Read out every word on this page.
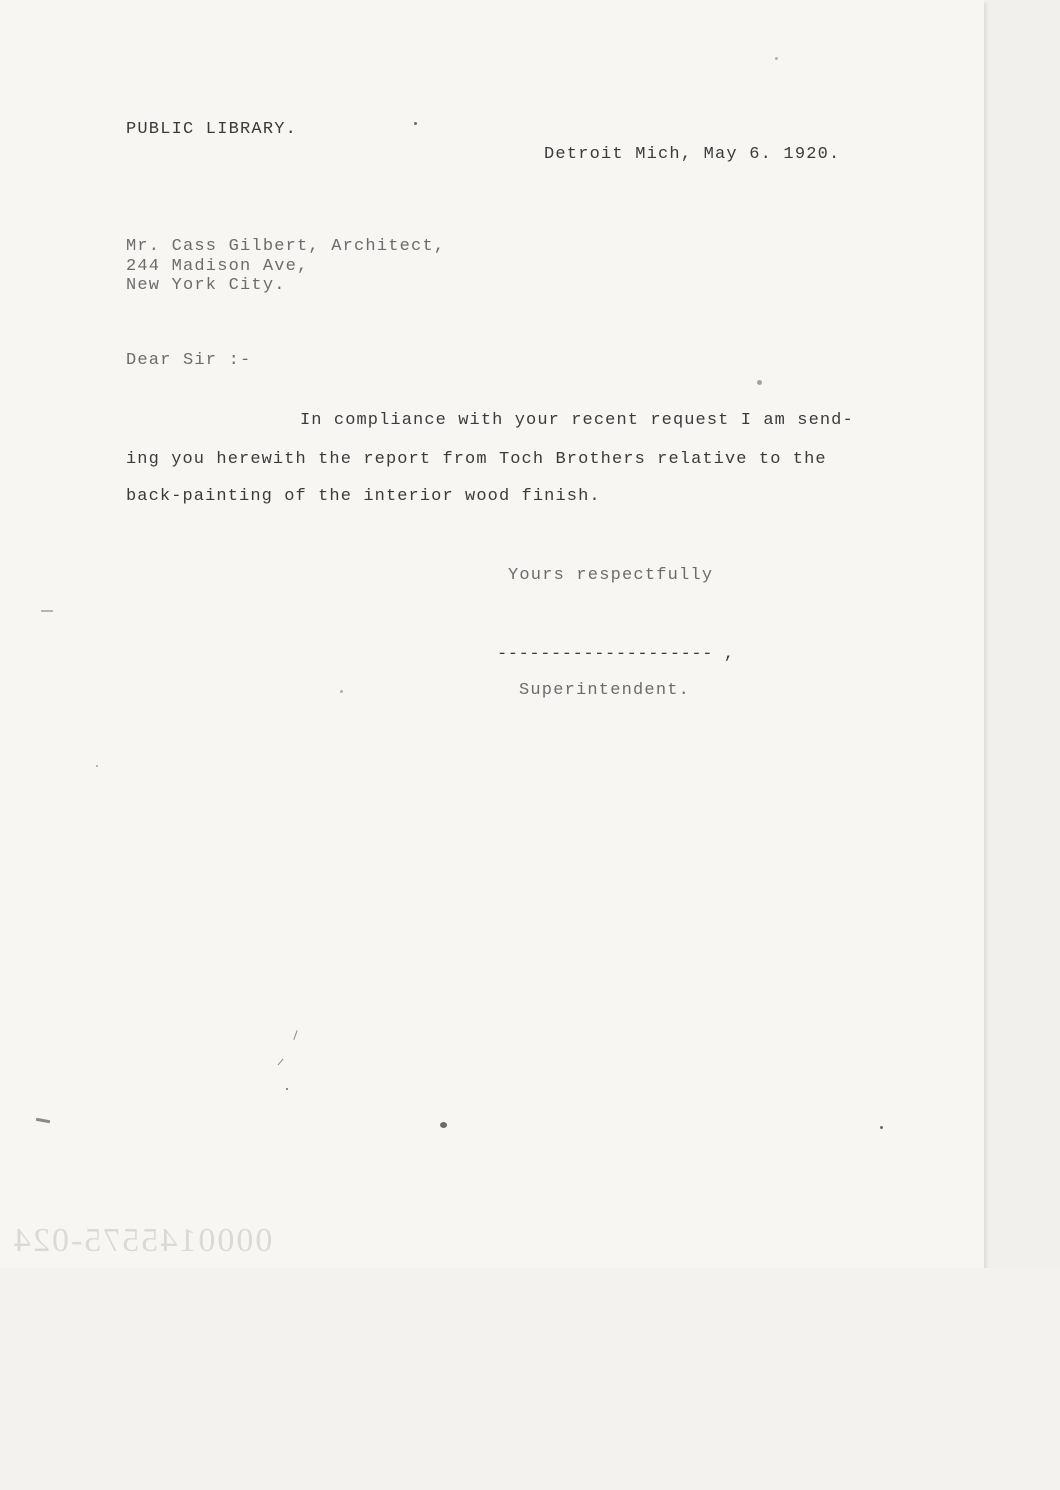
PUBLIC LIBRARY.
Detroit Mich, May 6. 1920.
Mr. Cass Gilbert, Architect,
244 Madison Ave,
New York City.
Dear Sir :-
In compliance with your recent request I am send-
ing you herewith the report from Toch Brothers relative to the
back-painting of the interior wood finish.
Yours respectfully
-------------------- ,
Superintendent.
0000145575-024
